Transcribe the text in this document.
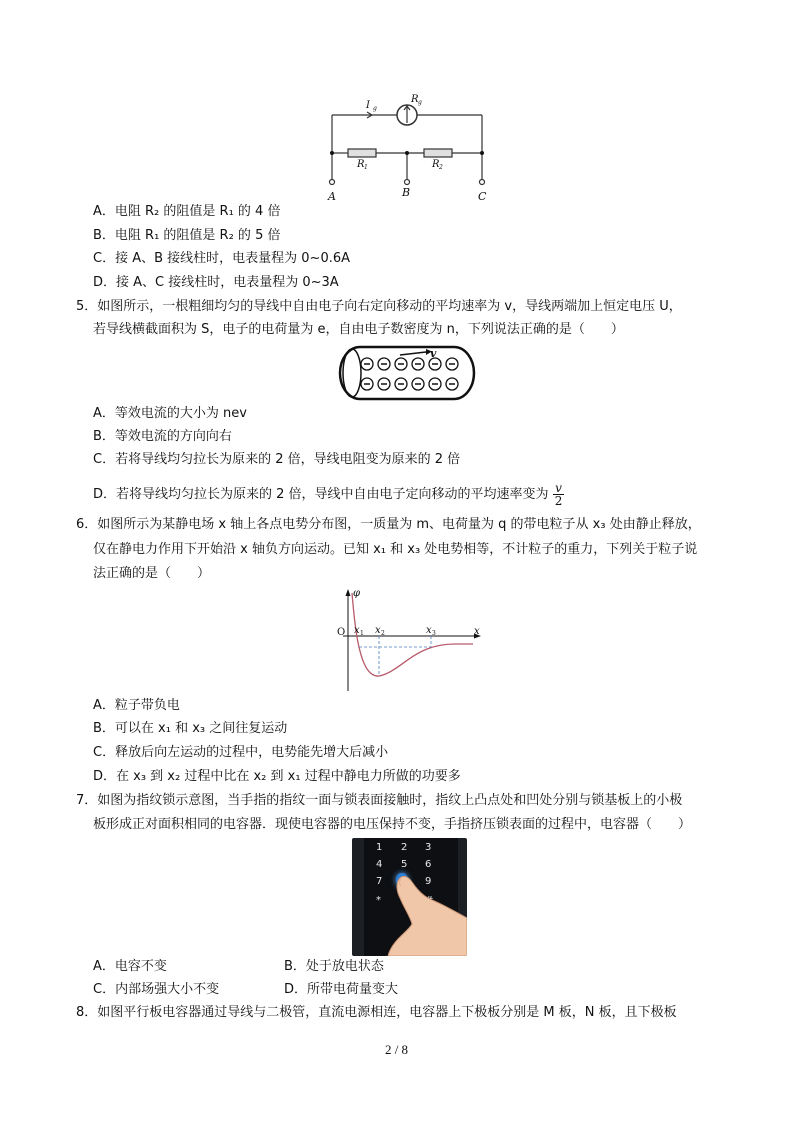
I g
R g
R 1	R 2
A	B	C
A．电阻 R₂ 的阻值是 R₁ 的 4 倍
B．电阻 R₁ 的阻值是 R₂ 的 5 倍
C．接 A、B 接线柱时，电表量程为 0~0.6A
D．接 A、C 接线柱时，电表量程为 0~3A
5．如图所示，一根粗细均匀的导线中自由电子向右定向移动的平均速率为 v，导线两端加上恒定电压 U，
若导线横截面积为 S，电子的电荷量为 e，自由电子数密度为 n，下列说法正确的是（　　）
v
A．等效电流的大小为 nev
B．等效电流的方向向右
C．若将导线均匀拉长为原来的 2 倍，导线电阻变为原来的 2 倍
D．若将导线均匀拉长为原来的 2 倍，导线中自由电子定向移动的平均速率变为 $\frac{v}{2}$
6．如图所示为某静电场 x 轴上各点电势分布图，一质量为 m、电荷量为 q 的带电粒子从 x₃ 处由静止释放，
仅在静电力作用下开始沿 x 轴负方向运动。已知 x₁ 和 x₃ 处电势相等，不计粒子的重力，下列关于粒子说
法正确的是（　　）
φ
O	x
x 1 x 2	x 3
A．粒子带负电
B．可以在 x₁ 和 x₃ 之间往复运动
C．释放后向左运动的过程中，电势能先增大后减小
D．在 x₃ 到 x₂ 过程中比在 x₂ 到 x₁ 过程中静电力所做的功要多
7．如图为指纹锁示意图，当手指的指纹一面与锁表面接触时，指纹上凸点处和凹处分别与锁基板上的小极
板形成正对面积相同的电容器．现使电容器的电压保持不变，手指挤压锁表面的过程中，电容器（　　）
1 2 3
4 5 6
7	9
*
A．电容不变	B．处于放电状态
C．内部场强大小不变	D．所带电荷量变大
8．如图平行板电容器通过导线与二极管，直流电源相连，电容器上下极板分别是 M 板，N 板，且下极板
2 / 8
